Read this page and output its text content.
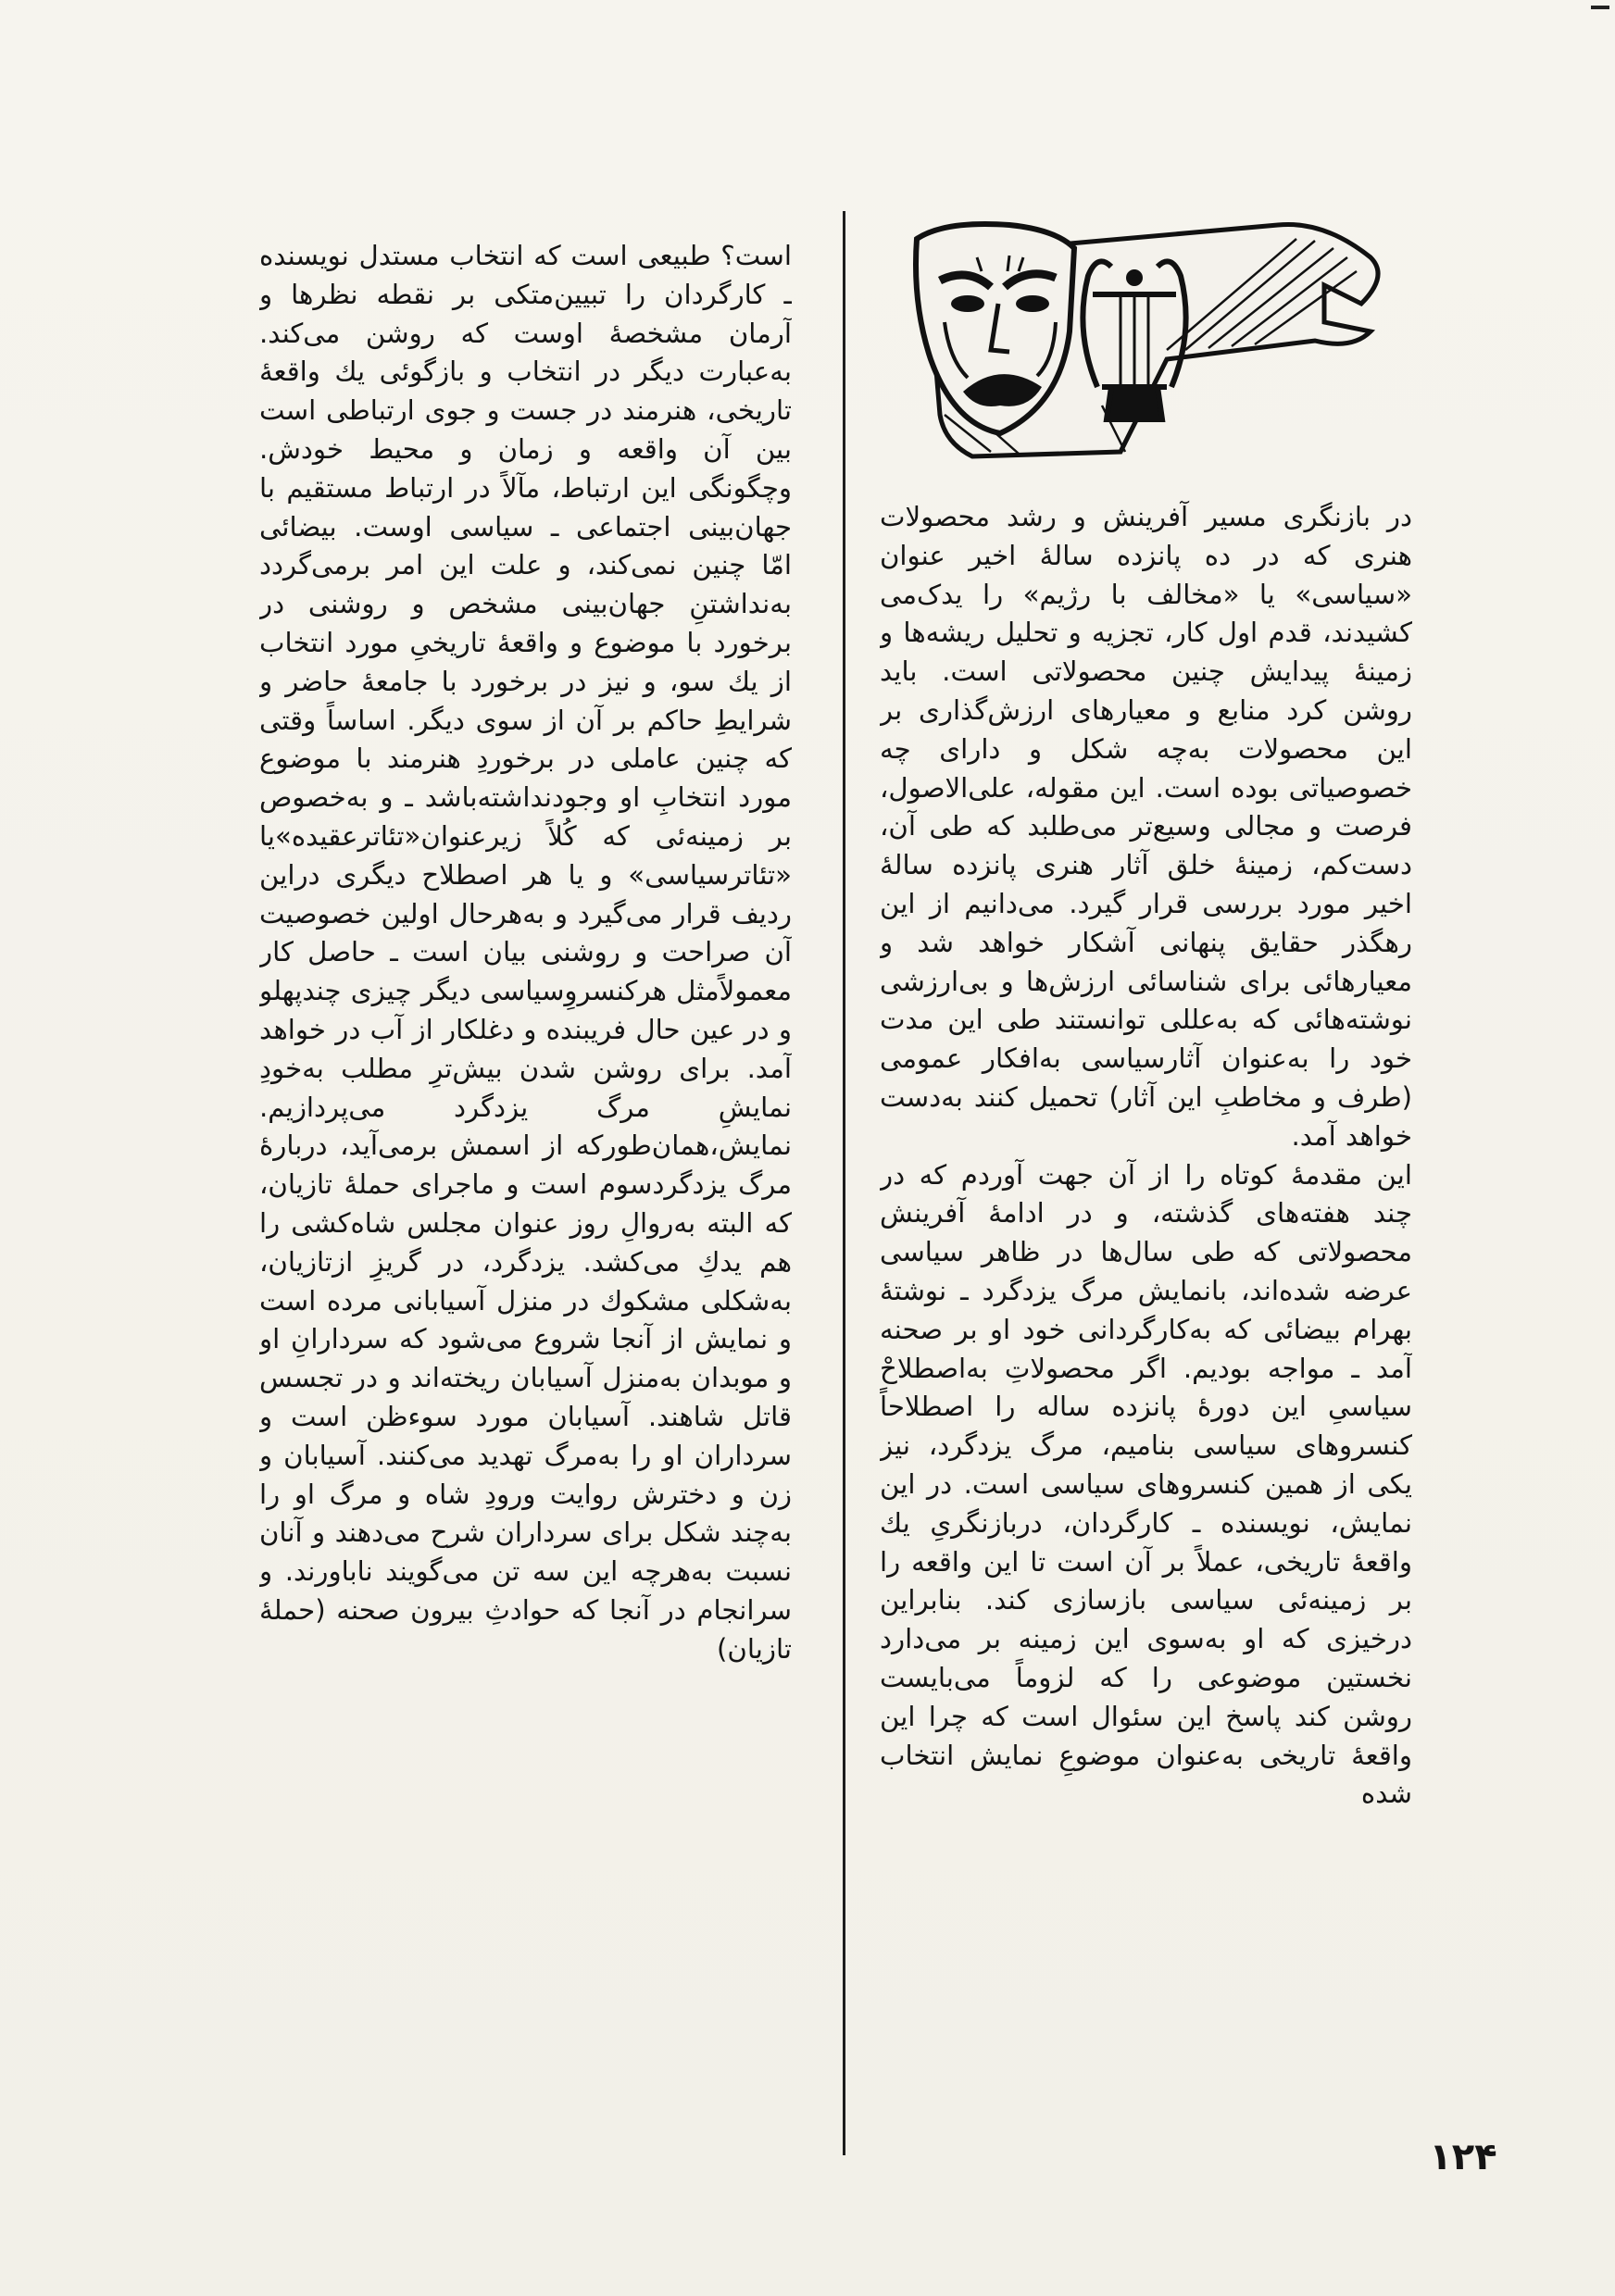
در بازنگری مسیر آفرینش و رشد محصولات هنری که در ده پانزده سالهٔ اخیر عنوان «سیاسی» یا «مخالف با رژیم» را یدک‌می کشیدند، قدم اول کار، تجزیه و تحلیل ریشه‌ها و زمینهٔ پیدایش چنین محصولاتی است. باید روشن کرد منابع و معیارهای ارزش‌گذاری بر این محصولات به‌چه شکل و دارای چه خصوصیاتی بوده است. این مقوله، علی‌الاصول، فرصت و مجالی وسیع‌تر می‌طلبد که طی آن، دست‌کم، زمینهٔ خلق آثار هنری پانزده سالهٔ اخیر مورد بررسی قرار گیرد. می‌دانیم از این رهگذر حقایق پنهانی آشکار خواهد شد و معیارهائی برای شناسائی ارزش‌ها و بی‌ارزشی نوشته‌هائی که به‌عللی توانستند طی این مدت خود را به‌عنوان آثارسیاسی به‌افکار عمومی (طرف و مخاطبِ این آثار) تحمیل کنند به‌دست خواهد آمد.

این مقدمهٔ کوتاه را از آن جهت آوردم که در چند هفته‌های گذشته، و در ادامهٔ آفرینش محصولاتی که طی سال‌ها در ظاهر سیاسی عرضه شده‌اند، بانمایش مرگ یزدگرد ـ نوشتهٔ بهرام بیضائی که به‌کارگردانی خود او بر صحنه آمد ـ مواجه بودیم. اگر محصولاتِ به‌اصطلاحْ سیاسیِ این دورهٔ پانزده ساله را اصطلاحاً کنسروهای سیاسی بنامیم، مرگ یزدگرد، نیز یکی از همین کنسروهای سیاسی است. در این نمایش، نویسنده ـ کارگردان، دربازنگریِ یك واقعهٔ تاریخی، عملاً بر آن است تا این واقعه را بر زمینه‌ئی سیاسی بازسازی کند. بنابراین درخیزی که او به‌سوی این زمینه بر می‌دارد نخستین موضوعی را که لزوماً می‌بایست روشن کند پاسخ این سئوال است که چرا این واقعهٔ تاریخی به‌عنوان موضوعِ نمایش انتخاب شده

است؟ طبیعی است که انتخاب مستدل نویسنده ـ کارگردان را تبیین‌متکی بر نقطه نظرها و آرمان مشخصهٔ اوست که روشن می‌کند. به‌عبارت دیگر در انتخاب و بازگوئی یك واقعهٔ تاریخی، هنرمند در جست و جوی ارتباطی است بین آن واقعه و زمان و محیط خودش. وچگونگی این ارتباط، مآلاً در ارتباط مستقیم با جهان‌بینی اجتماعی ـ سیاسی اوست. بیضائی امّا چنین نمی‌کند، و علت این امر برمی‌گردد به‌نداشتنِ جهان‌بینی مشخص و روشنی در برخورد با موضوع و واقعهٔ تاریخیِ مورد انتخاب از یك سو، و نیز در برخورد با جامعهٔ حاضر و شرایطِ حاکم بر آن از سوی دیگر. اساساً وقتی که چنین عاملی در برخوردِ هنرمند با موضوع مورد انتخابِ او وجودنداشته‌باشد ـ و به‌خصوص بر زمینه‌ئی که کُلاً زیرعنوان«تئاترعقیده»یا «تئاترسیاسی» و یا هر اصطلاح دیگری دراین ردیف قرار می‌گیرد و به‌هرحال اولین خصوصیت آن صراحت و روشنی بیان است ـ حاصل کار معمولاً‌مثل هرکنسروِسیاسی دیگر چیزی چندپهلو و در عین حال فریبنده و دغلکار از آب در خواهد آمد. برای روشن شدن بیش‌ترِ مطلب به‌خودِ نمایشِ مرگ یزدگرد می‌پردازیم. نمایش،همان‌طورکه از اسمش برمی‌آید، دربارهٔ مرگ یزدگردسوم است و ماجرای حملهٔ تازیان، که البته به‌روالِ روز عنوان مجلس شاه‌کشی را هم یدكِ می‌کشد. یزدگرد، در گریزِ ازتازیان، به‌شکلی مشکوك در منزل آسیابانی مرده است و نمایش از آنجا شروع می‌شود که سردارانِ او و موبدان به‌منزل آسیابان ریخته‌اند و در تجسس قاتل شاهند. آسیابان مورد سوءظن است و سرداران او را به‌مرگ تهدید می‌کنند. آسیابان و زن و دخترش روایت ورودِ شاه و مرگ او را به‌چند شکل برای سرداران شرح می‌دهند و آنان نسبت به‌هرچه این سه تن می‌گویند ناباورند. و سرانجام در آنجا که حوادثِ بیرون صحنه (حملهٔ تازیان)

۱۲۴
